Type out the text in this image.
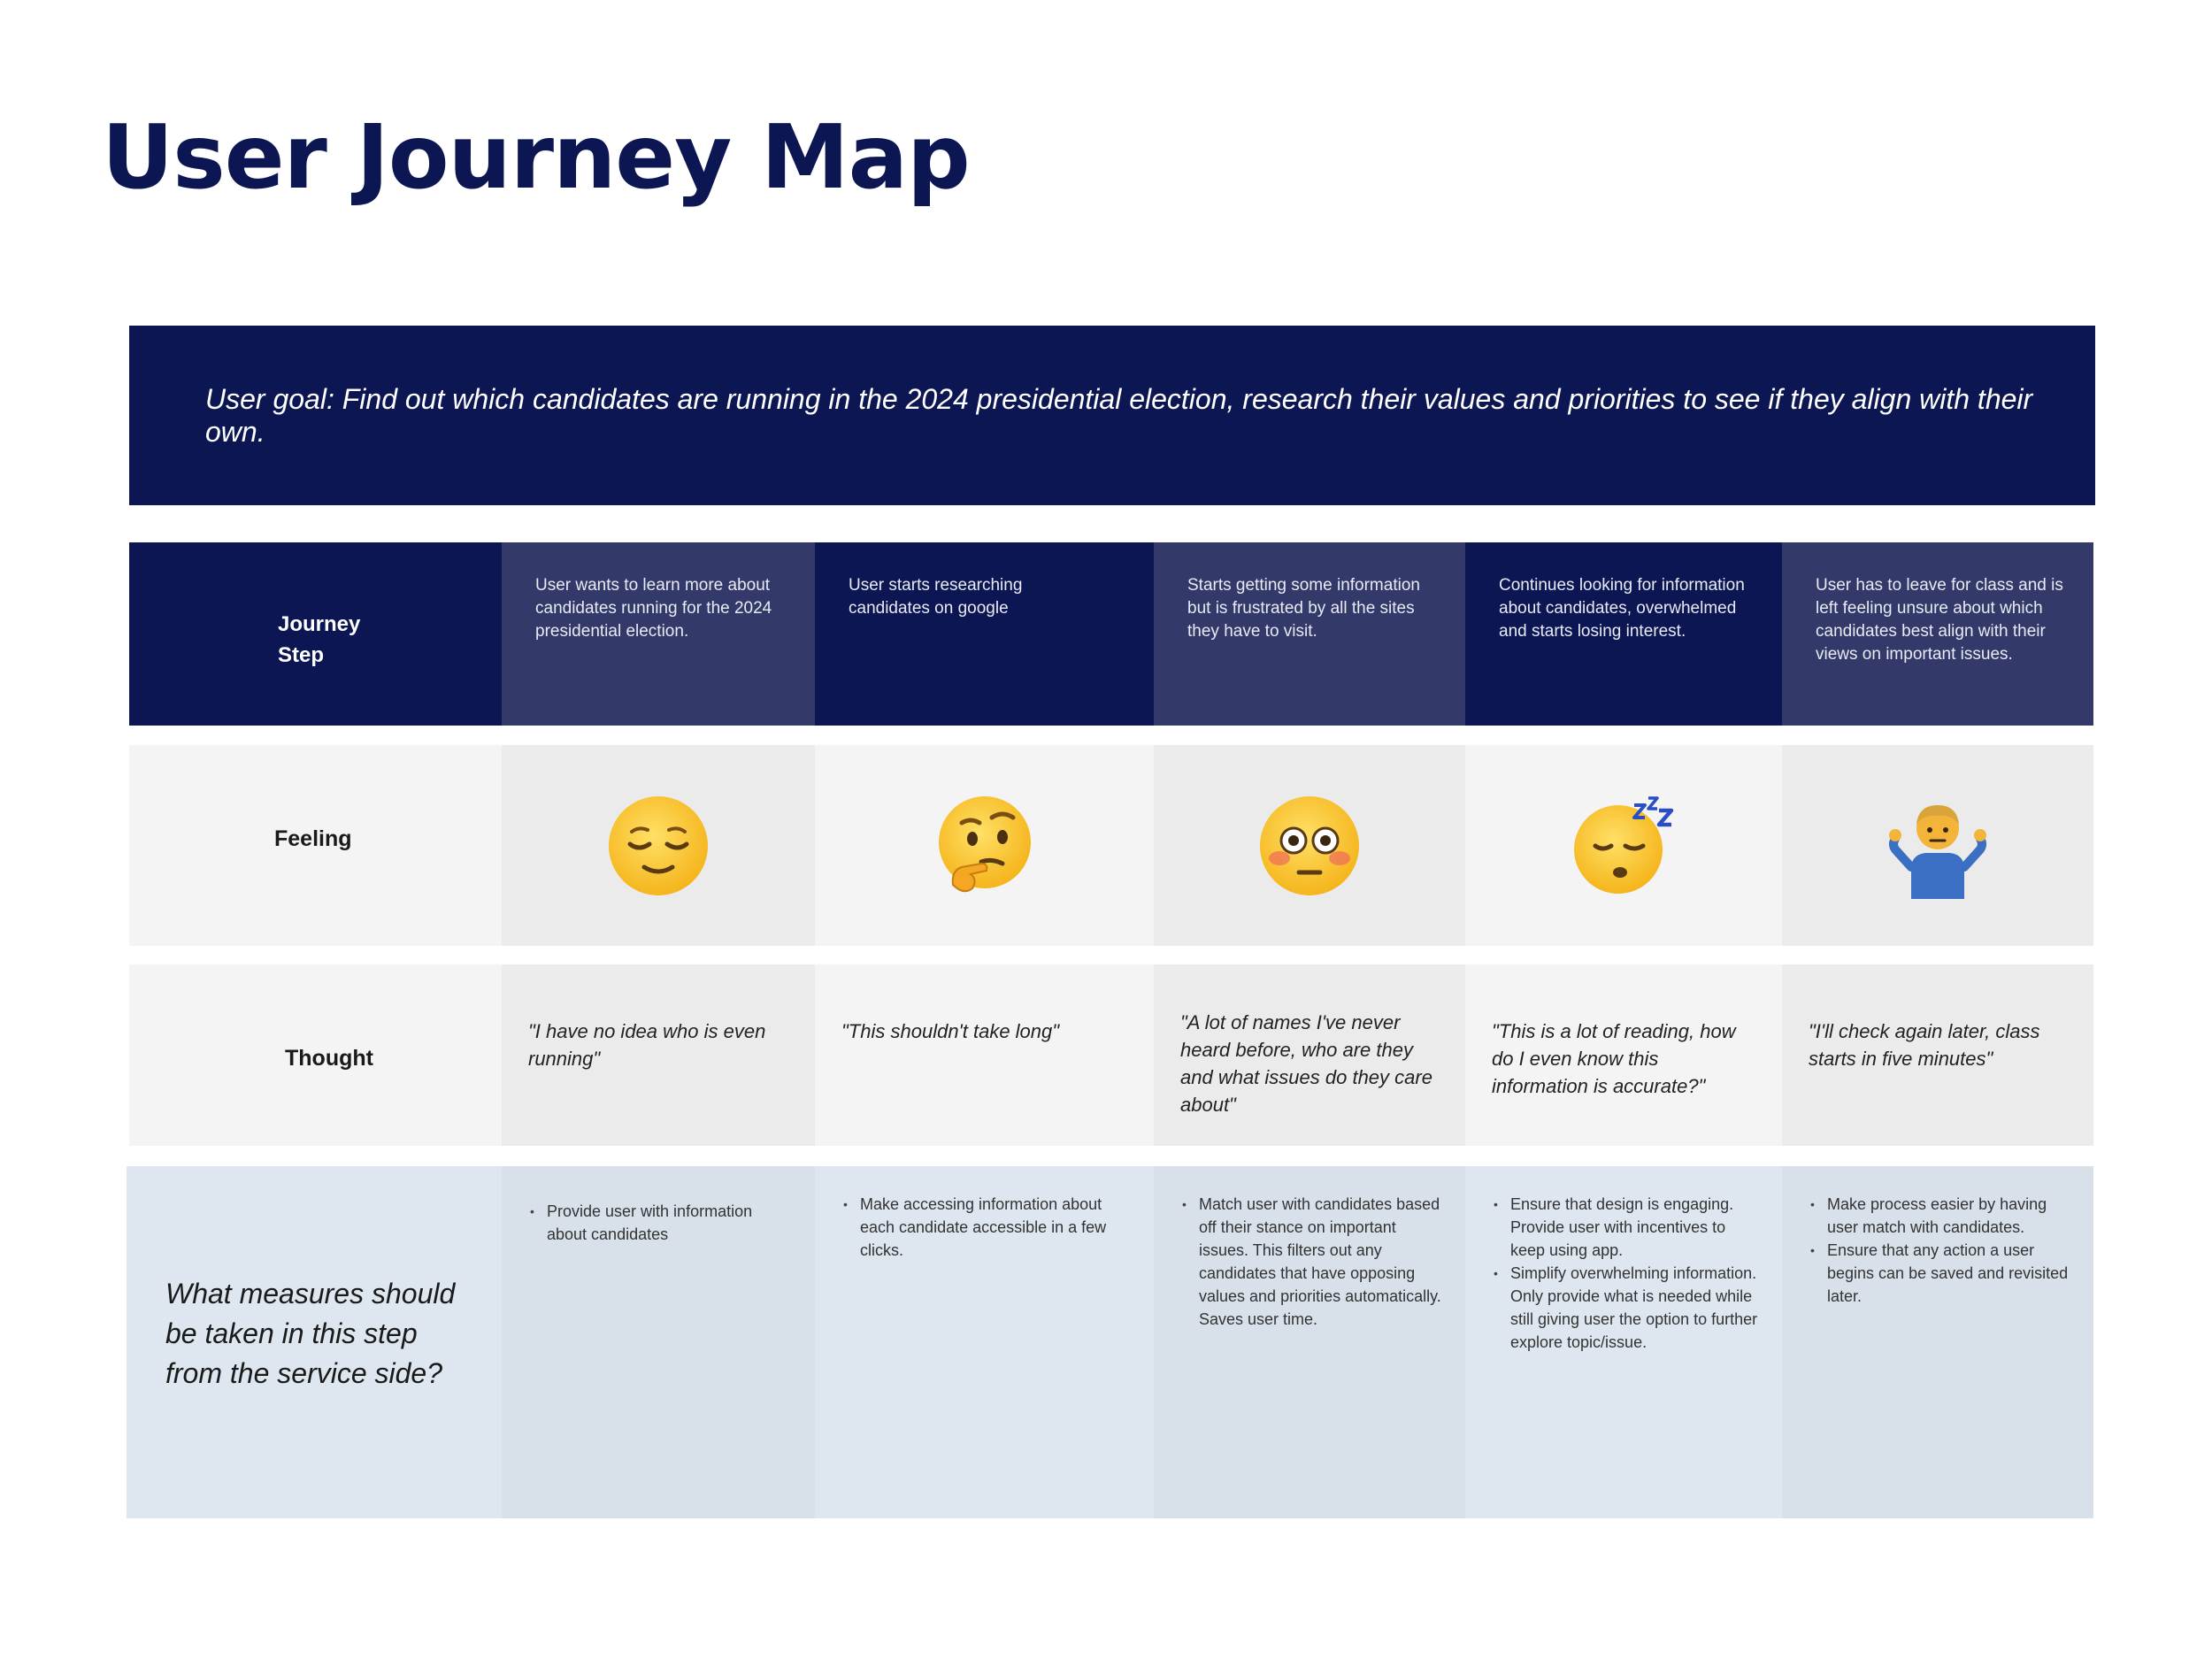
User Journey Map
User goal: Find out which candidates are running in the 2024 presidential election, research their values and priorities to see if they align with their own.
Journey Step
User wants to learn more about candidates running for the 2024 presidential election.
User starts researching candidates on google
Starts getting some information but is frustrated by all the sites they have to visit.
Continues looking for information about candidates, overwhelmed and starts losing interest.
User has to leave for class and is left feeling unsure about which candidates best align with their views on important issues.
Feeling
Thought
"I have no idea who is even running"
"This shouldn't take long"	"A lot of names I've never heard before, who are they and what issues do they care about"
"This is a lot of reading, how do I even know this information is accurate?"
"I'll check again later, class starts in five minutes"
What measures should be taken in this step from the service side?
• Provide user with information about candidates
• Make accessing information about each candidate accessible in a few clicks.
• Match user with candidates based off their stance on important issues. This filters out any candidates that have opposing values and priorities automatically. Saves user time.
• Ensure that design is engaging. Provide user with incentives to keep using app.
• Simplify overwhelming information. Only provide what is needed while still giving user the option to further explore topic/issue.
• Make process easier by having user match with candidates.
• Ensure that any action a user begins can be saved and revisited later.
